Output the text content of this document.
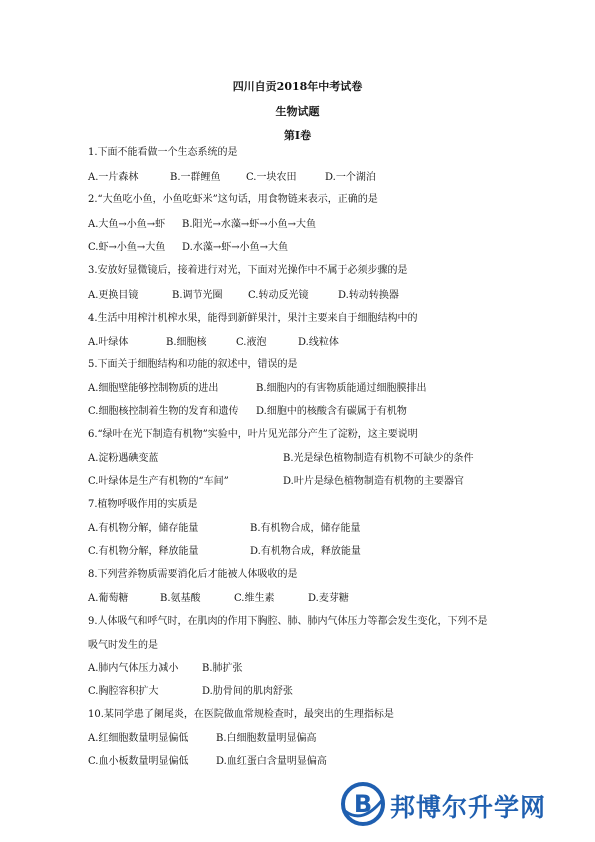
四川自贡2018年中考试卷
生物试题
第Ⅰ卷
1.下面不能看做一个生态系统的是
A.一片森林	B.一群鲤鱼	C.一块农田	D.一个湖泊
2.“大鱼吃小鱼，小鱼吃虾米”这句话，用食物链来表示，正确的是
A.大鱼→小鱼→虾 B.阳光→水藻→虾→小鱼→大鱼
C.虾→小鱼→大鱼 D.水藻→虾→小鱼→大鱼
3.安放好显微镜后，接着进行对光，下面对光操作中不属于必须步骤的是
A.更换目镜	B.调节光圈	C.转动反光镜	D.转动转换器
4.生活中用榨汁机榨水果，能得到新鲜果汁，果汁主要来自于细胞结构中的
A.叶绿体	B.细胞核	C.液泡	D.线粒体
5.下面关于细胞结构和功能的叙述中，错误的是
A.细胞壁能够控制物质的进出	B.细胞内的有害物质能通过细胞膜排出
C.细胞核控制着生物的发育和遗传 D.细胞中的核酸含有碳属于有机物
6.“绿叶在光下制造有机物”实验中，叶片见光部分产生了淀粉，这主要说明
A.淀粉遇碘变蓝	B.光是绿色植物制造有机物不可缺少的条件
C.叶绿体是生产有机物的“车间”	D.叶片是绿色植物制造有机物的主要器官
7.植物呼吸作用的实质是
A.有机物分解，储存能量	B.有机物合成，储存能量
C.有机物分解，释放能量	D.有机物合成，释放能量
8.下列营养物质需要消化后才能被人体吸收的是
A.葡萄糖	B.氨基酸	C.维生素	D.麦芽糖
9.人体吸气和呼气时，在肌肉的作用下胸腔、肺、肺内气体压力等都会发生变化，下列不是
吸气时发生的是
A.肺内气体压力减小 B.肺扩张
C.胸腔容积扩大	D.肋骨间的肌肉舒张
10.某同学患了阑尾炎，在医院做血常规检查时，最突出的生理指标是
A.红细胞数量明显偏低	B.白细胞数量明显偏高
C.血小板数量明显偏低	D.血红蛋白含量明显偏高
B 邦博尔升学网
